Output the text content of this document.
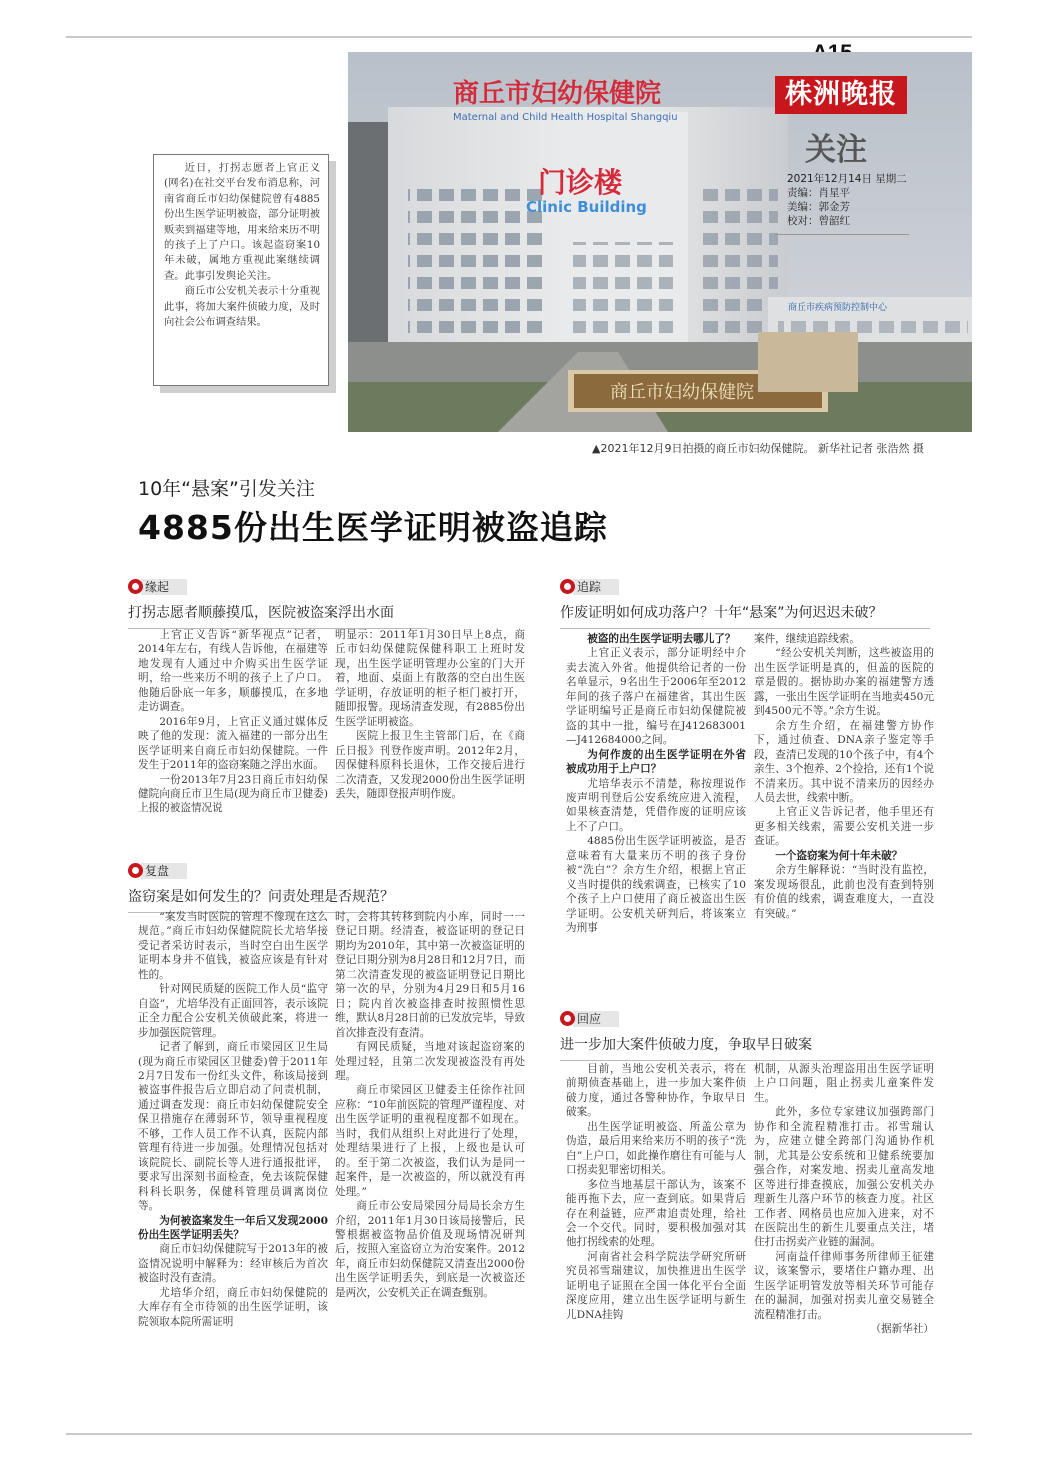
商丘市妇幼保健院
Maternal and Child Health Hospital Shangqiu
门诊楼
Clinic Building
商丘市疾病预防控制中心
商丘市妇幼保健院
株洲晚报
关注
2021年12月14日 星期二
责编：肖星平
美编：郭金芳
校对：曾韶红
▲2021年12月9日拍摄的商丘市妇幼保健院。 新华社记者 张浩然 摄

近日，打拐志愿者上官正义(网名)在社交平台发布消息称，河南省商丘市妇幼保健院曾有4885份出生医学证明被盗，部分证明被贩卖到福建等地，用来给来历不明的孩子上了户口。该起盗窃案10年未破，属地方重视此案继续调查。此事引发舆论关注。

商丘市公安机关表示十分重视此事，将加大案件侦破力度，及时向社会公布调查结果。

10年“悬案”引发关注
4885份出生医学证明被盗追踪
缘起
打拐志愿者顺藤摸瓜，医院被盗案浮出水面

上官正义告诉“新华视点”记者，2014年左右，有线人告诉他，在福建等地发现有人通过中介购买出生医学证明，给一些来历不明的孩子上了户口。他随后卧底一年多，顺藤摸瓜，在多地走访调查。

2016年9月，上官正义通过媒体反映了他的发现：流入福建的一部分出生医学证明来自商丘市妇幼保健院。一件发生于2011年的盗窃案随之浮出水面。

一份2013年7月23日商丘市妇幼保健院向商丘市卫生局(现为商丘市卫健委)上报的被盗情况说

明显示：2011年1月30日早上8点，商丘市妇幼保健院保健科职工上班时发现，出生医学证明管理办公室的门大开着，地面、桌面上有散落的空白出生医学证明，存放证明的柜子柜门被打开，随即报警。现场清查发现，有2885份出生医学证明被盗。

医院上报卫生主管部门后，在《商丘日报》刊登作废声明。2012年2月，因保健科原科长退休，工作交接后进行二次清查，又发现2000份出生医学证明丢失，随即登报声明作废。

复盘
盗窃案是如何发生的？问责处理是否规范？

“案发当时医院的管理不像现在这么规范。”商丘市妇幼保健院院长尤培华接受记者采访时表示，当时空白出生医学证明本身并不值钱，被盗应该是有针对性的。

针对网民质疑的医院工作人员“监守自盗”，尤培华没有正面回答，表示该院正全力配合公安机关侦破此案，将进一步加强医院管理。

记者了解到，商丘市梁园区卫生局(现为商丘市梁园区卫健委)曾于2011年2月7日发布一份红头文件，称该局接到被盗事件报告后立即启动了问责机制，通过调查发现：商丘市妇幼保健院安全保卫措施存在薄弱环节，领导重视程度不够，工作人员工作不认真，医院内部管理有待进一步加强。处理情况包括对该院院长、副院长等人进行通报批评，要求写出深刻书面检查，免去该院保健科科长职务，保健科管理员调离岗位等。

为何被盗案发生一年后又发现2000份出生医学证明丢失？

商丘市妇幼保健院写于2013年的被盗情况说明中解释为：经审核后为首次被盗时没有查清。

尤培华介绍，商丘市妇幼保健院的大库存有全市待领的出生医学证明，该院领取本院所需证明

时，会将其转移到院内小库，同时一一登记日期。经清查，被盗证明的登记日期均为2010年，其中第一次被盗证明的登记日期分别为8月28日和12月7日，而第二次清查发现的被盗证明登记日期比第一次的早，分别为4月29日和5月16日；院内首次被盗排查时按照惯性思维，默认8月28日前的已发放完毕，导致首次排查没有查清。

有网民质疑，当地对该起盗窃案的处理过轻，且第二次发现被盗没有再处理。

商丘市梁园区卫健委主任徐作社回应称：“10年前医院的管理严谨程度、对出生医学证明的重视程度都不如现在。当时，我们从组织上对此进行了处理，处理结果进行了上报，上级也是认可的。至于第二次被盗，我们认为是同一起案件，是一次被盗的，所以就没有再处理。”

商丘市公安局梁园分局局长余方生介绍，2011年1月30日该局接警后，民警根据被盗物品价值及现场情况研判后，按照入室盗窃立为治安案件。2012年，商丘市妇幼保健院又清查出2000份出生医学证明丢失，到底是一次被盗还是两次，公安机关正在调查甄别。

追踪
作废证明如何成功落户？十年“悬案”为何迟迟未破？

被盗的出生医学证明去哪儿了？

上官正义表示，部分证明经中介卖去流入外省。他提供给记者的一份名单显示，9名出生于2006年至2012年间的孩子落户在福建省，其出生医学证明编号正是商丘市妇幼保健院被盗的其中一批，编号在J412683001—J412684000之间。

为何作废的出生医学证明在外省被成功用于上户口？

尤培华表示不清楚，称按理说作废声明刊登后公安系统应进入流程，如果核查清楚，凭借作废的证明应该上不了户口。

4885份出生医学证明被盗，是否意味着有大量来历不明的孩子身份被“洗白”？余方生介绍，根据上官正义当时提供的线索调查，已核实了10个孩子上户口使用了商丘被盗出生医学证明。公安机关研判后，将该案立为刑事

案件，继续追踪线索。

“经公安机关判断，这些被盗用的出生医学证明是真的，但盖的医院的章是假的。据协助办案的福建警方透露，一张出生医学证明在当地卖450元到4500元不等。”余方生说。

余方生介绍，在福建警方协作下，通过侦查、DNA亲子鉴定等手段，查清已发现的10个孩子中，有4个亲生、3个抱养、2个捡拾，还有1个说不清来历。其中说不清来历的因经办人员去世，线索中断。

上官正义告诉记者，他手里还有更多相关线索，需要公安机关进一步查证。

一个盗窃案为何十年未破？

余方生解释说：“当时没有监控，案发现场很乱，此前也没有查到特别有价值的线索，调查难度大，一直没有突破。”

回应
进一步加大案件侦破力度，争取早日破案

目前，当地公安机关表示，将在前期侦查基础上，进一步加大案件侦破力度，通过各警种协作，争取早日破案。

出生医学证明被盗、所盖公章为伪造，最后用来给来历不明的孩子“洗白”上户口，如此操作磨往有可能与人口拐卖犯罪密切相关。

多位当地基层干部认为，该案不能再拖下去，应一查到底。如果背后存在利益链，应严肃追责处理，给社会一个交代。同时，要积极加强对其他打拐线索的处理。

河南省社会科学院法学研究所研究员祁雪瑞建议，加快推进出生医学证明电子证照在全国一体化平台全面深度应用，建立出生医学证明与新生儿DNA挂钩

机制，从源头治理盗用出生医学证明上户口问题，阻止拐卖儿童案件发生。

此外，多位专家建议加强跨部门协作和全流程精准打击。祁雪瑞认为，应建立健全跨部门沟通协作机制，尤其是公安系统和卫健系统要加强合作，对案发地、拐卖儿童高发地区等进行排查摸底，加强公安机关办理新生儿落户环节的核查力度。社区工作者、网格员也应加入进来，对不在医院出生的新生儿要重点关注，堵住打击拐卖产业链的漏洞。

河南益仟律师事务所律师王征建议，该案警示，要堵住户籍办理、出生医学证明管发放等相关环节可能存在的漏洞，加强对拐卖儿童交易链全流程精准打击。

（据新华社）
